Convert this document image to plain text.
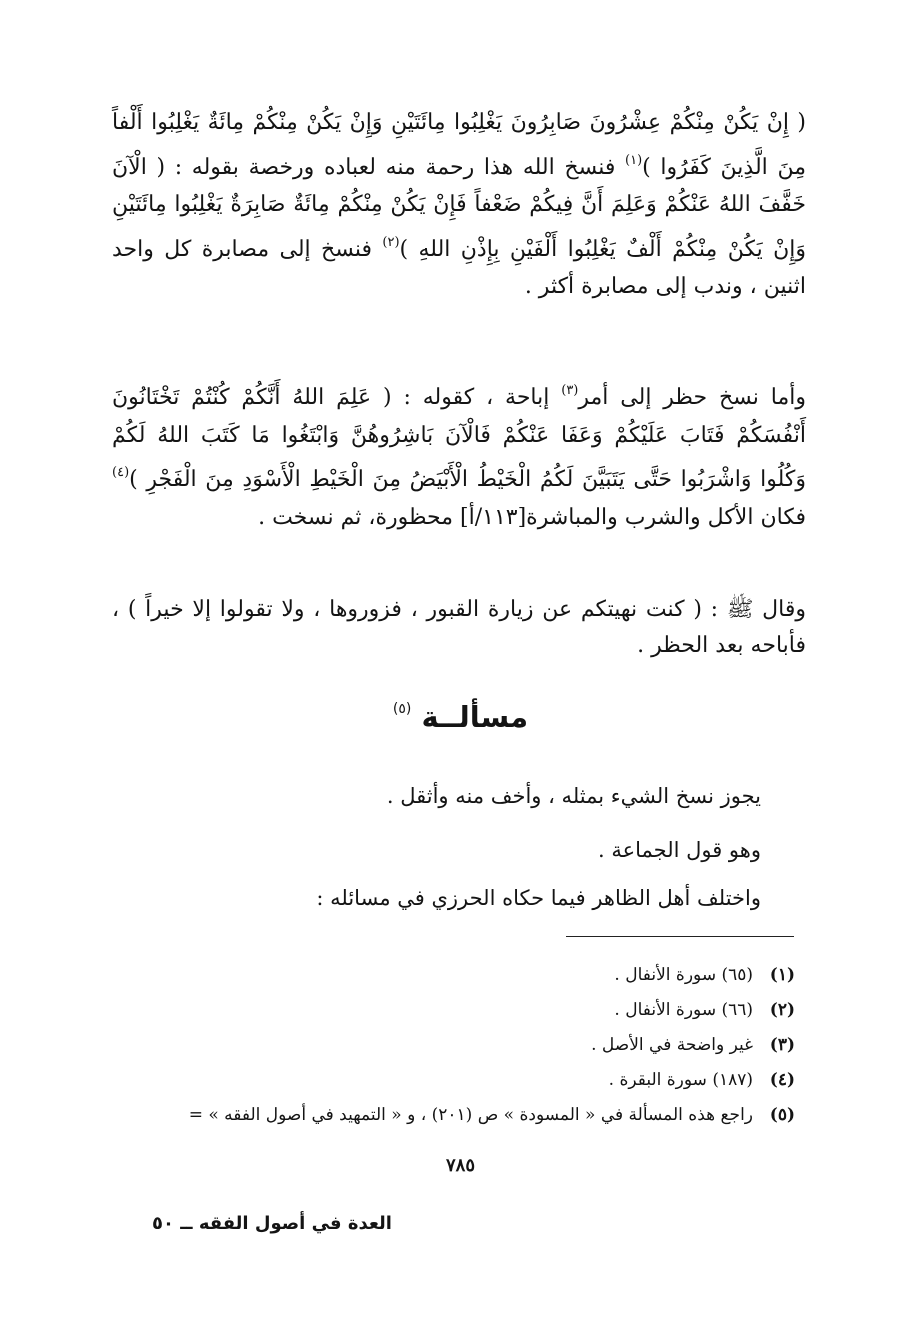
( إِنْ يَكُنْ مِنْكُمْ عِشْرُونَ صَابِرُونَ يَغْلِبُوا مِائَتَيْنِ وَإِنْ يَكُنْ مِنْكُمْ مِائَةٌ يَغْلِبُوا أَلْفاً مِنَ الَّذِينَ كَفَرُوا )$^{(١)}$ فنسخ الله هذا رحمة منه لعباده ورخصة بقوله : ( الْآنَ خَفَّفَ اللهُ عَنْكُمْ وَعَلِمَ أَنَّ فِيكُمْ ضَعْفاً فَإِنْ يَكُنْ مِنْكُمْ مِائَةٌ صَابِرَةٌ يَغْلِبُوا مِائَتَيْنِ وَإِنْ يَكُنْ مِنْكُمْ أَلْفٌ يَغْلِبُوا أَلْفَيْنِ بِإِذْنِ اللهِ )$^{(٢)}$ فنسخ إلى مصابرة كل واحد اثنين ، وندب إلى مصابرة أكثر .
وأما نسخ حظر إلى أمر$^{(٣)}$ إباحة ، كقوله : ( عَلِمَ اللهُ أَنَّكُمْ كُنْتُمْ تَخْتَانُونَ أَنْفُسَكُمْ فَتَابَ عَلَيْكُمْ وَعَفَا عَنْكُمْ فَالْآنَ بَاشِرُوهُنَّ وَابْتَغُوا مَا كَتَبَ اللهُ لَكُمْ وَكُلُوا وَاشْرَبُوا حَتَّى يَتَبَيَّنَ لَكُمُ الْخَيْطُ الْأَبْيَضُ مِنَ الْخَيْطِ الْأَسْوَدِ مِنَ الْفَجْرِ )$^{(٤)}$ فكان الأكل والشرب والمباشرة[١١٣/أ] محظورة، ثم نسخت .
وقال ﷺ : ( كنت نهيتكم عن زيارة القبور ، فزوروها ، ولا تقولوا إلا خيراً ) ، فأباحه بعد الحظر .
مسألــة $^{(٥)}$
يجوز نسخ الشيء بمثله ، وأخف منه وأثقل .
وهو قول الجماعة .
واختلف أهل الظاهر فيما حكاه الحرزي في مسائله :
(١)(٦٥) سورة الأنفال .
(٢)(٦٦) سورة الأنفال .
(٣)غير واضحة في الأصل .
(٤)(١٨٧) سورة البقرة .
(٥)راجع هذه المسألة في « المسودة » ص (٢٠١) ، و « التمهيد في أصول الفقه » =
٧٨٥
العدة في أصول الفقه ــ ٥٠
